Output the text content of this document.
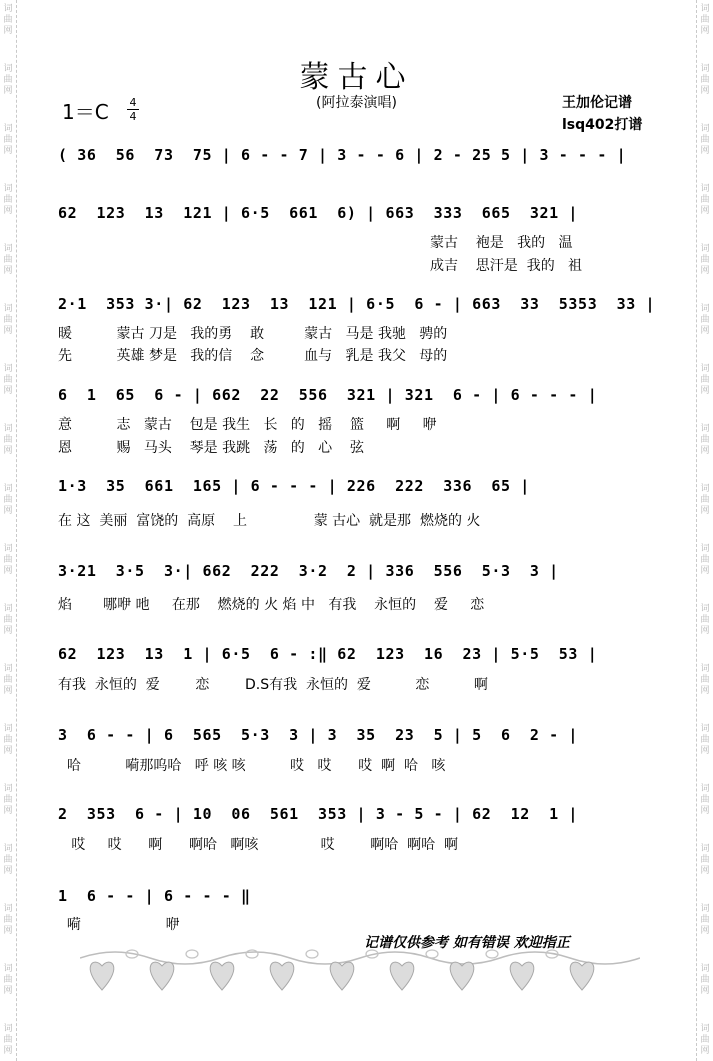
词
曲
网
词
曲
网
词
曲
网
词
曲
网
词
曲
网
词
曲
网
词
曲
网
词
曲
网
词
曲
网
词
曲
网
词
曲
网
词
曲
网
词
曲
网
词
曲
网
词
曲
网
词
曲
网
词
曲
网
词
曲
网
词
曲
网
词
曲
网
词
曲
网
词
曲
网
词
曲
网
词
曲
网
词
曲
网
词
曲
网
词
曲
网
词
曲
网
词
曲
网
词
曲
网
词
曲
网
词
曲
网
词
曲
网
词
曲
网
词
曲
网
词
曲
网
蒙古心
(阿拉泰演唱)
1＝C 4
4
王加伦记谱
lsq402打谱
( 36  56  73  75 | 6 - - 7 | 3 - - 6 | 2 - 25 5 | 3 - - - |
62  123  13  121 | 6·5  661  6) | 663  333  665  321 |
2·1  353 3·| 62  123  13  121 | 6·5  6 - | 663  33  5353  33 |
6  1  65  6 - | 662  22  556  321 | 321  6 - | 6 - - - |
1·3  35  661  165 | 6 - - - | 226  222  336  65 |
3·21  3·5  3·| 662  222  3·2  2 | 336  556  5·3  3 |
62  123  13  1 | 6·5  6 - :‖ 62  123  16  23 | 5·5  53 |
3  6 - - | 6  565  5·3  3 | 3  35  23  5 | 5  6  2 - |
2  353  6 - | 10  06  561  353 | 3 - 5 - | 62  12  1 |
1  6 - - | 6 - - - ‖
蒙古    袍是   我的   温
成吉    思汗是  我的   祖
暖          蒙古 刀是   我的勇    敢         蒙古   马是 我驰   骋的
先          英雄 梦是   我的信    念         血与   乳是 我父   母的
意          志   蒙古    包是 我生   长   的   摇    篮     啊     咿
恩          赐   马头    琴是 我跳   荡   的   心    弦
在 这  美丽  富饶的  高原    上               蒙 古心  就是那  燃烧的 火
焰       哪咿 吔     在那    燃烧的 火 焰 中   有我    永恒的    爱     恋
有我  永恒的  爱        恋        D.S有我  永恒的  爱          恋          啊
哈          嗬那呜哈   呼 咳 咳          哎   哎      哎  啊  哈   咳
哎     哎      啊      啊哈   啊咳              哎        啊哈  啊哈  啊
嗬                   咿
记谱仅供参考 如有错误 欢迎指正
